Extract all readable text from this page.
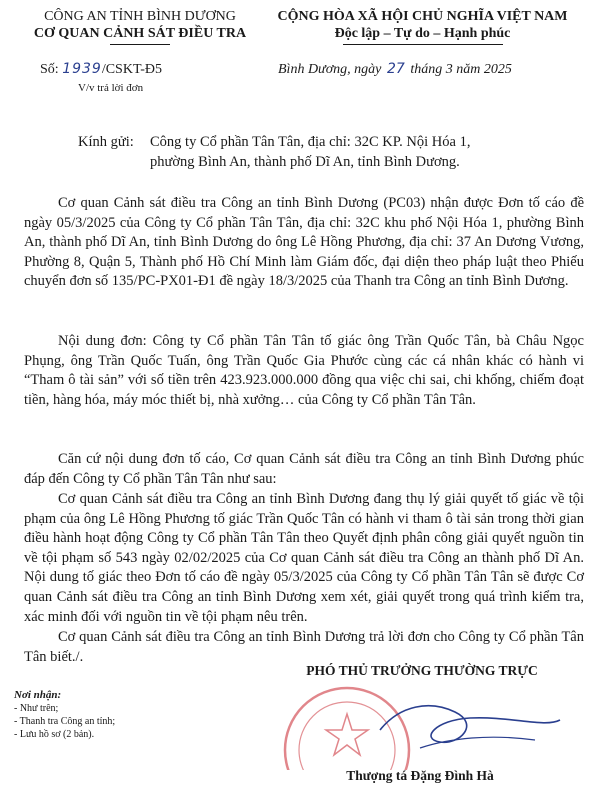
CÔNG AN TỈNH BÌNH DƯƠNG
CƠ QUAN CẢNH SÁT ĐIỀU TRA
CỘNG HÒA XÃ HỘI CHỦ NGHĨA VIỆT NAM
Độc lập – Tự do – Hạnh phúc
Số: 1939/CSKT-Đ5
V/v trả lời đơn
Bình Dương, ngày 27 tháng 3 năm 2025
Kính gửi: Công ty Cổ phần Tân Tân, địa chỉ: 32C KP. Nội Hóa 1,
phường Bình An, thành phố Dĩ An, tỉnh Bình Dương.
Cơ quan Cảnh sát điều tra Công an tỉnh Bình Dương (PC03) nhận được Đơn tố cáo đề ngày 05/3/2025 của Công ty Cổ phần Tân Tân, địa chỉ: 32C khu phố Nội Hóa 1, phường Bình An, thành phố Dĩ An, tỉnh Bình Dương do ông Lê Hồng Phương, địa chỉ: 37 An Dương Vương, Phường 8, Quận 5, Thành phố Hồ Chí Minh làm Giám đốc, đại diện theo pháp luật theo Phiếu chuyển đơn số 135/PC-PX01-Đ1 đề ngày 18/3/2025 của Thanh tra Công an tỉnh Bình Dương.
Nội dung đơn: Công ty Cổ phần Tân Tân tố giác ông Trần Quốc Tân, bà Châu Ngọc Phụng, ông Trần Quốc Tuấn, ông Trần Quốc Gia Phước cùng các cá nhân khác có hành vi “Tham ô tài sản” với số tiền trên 423.923.000.000 đồng qua việc chi sai, chi khống, chiếm đoạt tiền, hàng hóa, máy móc thiết bị, nhà xưởng… của Công ty Cổ phần Tân Tân.
Căn cứ nội dung đơn tố cáo, Cơ quan Cảnh sát điều tra Công an tỉnh Bình Dương phúc đáp đến Công ty Cổ phần Tân Tân như sau:
Cơ quan Cảnh sát điều tra Công an tỉnh Bình Dương đang thụ lý giải quyết tố giác về tội phạm của ông Lê Hồng Phương tố giác Trần Quốc Tân có hành vi tham ô tài sản trong thời gian điều hành hoạt động Công ty Cổ phần Tân Tân theo Quyết định phân công giải quyết nguồn tin về tội phạm số 543 ngày 02/02/2025 của Cơ quan Cảnh sát điều tra Công an thành phố Dĩ An. Nội dung tố giác theo Đơn tố cáo đề ngày 05/3/2025 của Công ty Cổ phần Tân Tân sẽ được Cơ quan Cảnh sát điều tra Công an tỉnh Bình Dương xem xét, giải quyết trong quá trình kiểm tra, xác minh đối với nguồn tin về tội phạm nêu trên.
Cơ quan Cảnh sát điều tra Công an tỉnh Bình Dương trả lời đơn cho Công ty Cổ phần Tân Tân biết./.
Nơi nhận:
- Như trên;
- Thanh tra Công an tỉnh;
- Lưu hồ sơ (2 bản).
PHÓ THỦ TRƯỞNG THƯỜNG TRỰC
Thượng tá Đặng Đình Hà
